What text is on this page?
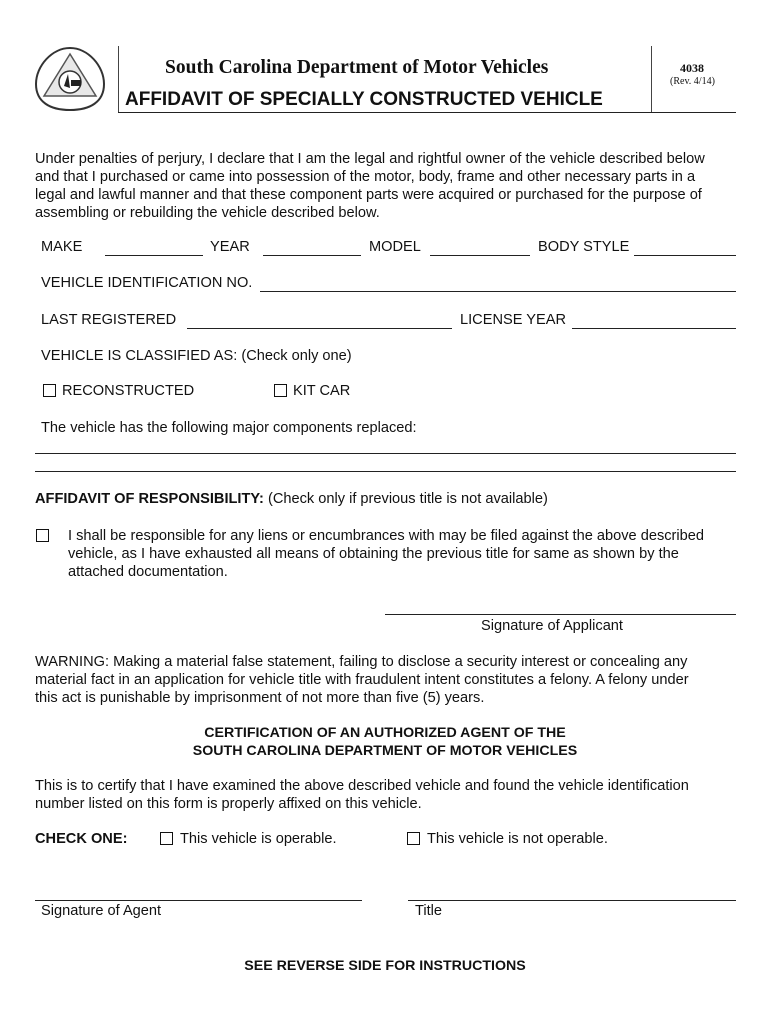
South Carolina Department of Motor Vehicles
AFFIDAVIT OF SPECIALLY CONSTRUCTED VEHICLE
4038
(Rev. 4/14)
Under penalties of perjury, I declare that I am the legal and rightful owner of the vehicle described below
and that I purchased or came into possession of the motor, body, frame and other necessary parts in a
legal and lawful manner and that these component parts were acquired or purchased for the purpose of
assembling or rebuilding the vehicle described below.
MAKE	YEAR	MODEL	BODY STYLE
VEHICLE IDENTIFICATION NO.
LAST REGISTERED	LICENSE YEAR
VEHICLE IS CLASSIFIED AS: (Check only one)
RECONSTRUCTED	KIT CAR
The vehicle has the following major components replaced:
AFFIDAVIT OF RESPONSIBILITY: (Check only if previous title is not available)
I shall be responsible for any liens or encumbrances with may be filed against the above described
vehicle, as I have exhausted all means of obtaining the previous title for same as shown by the
attached documentation.
Signature of Applicant
WARNING: Making a material false statement, failing to disclose a security interest or concealing any
material fact in an application for vehicle title with fraudulent intent constitutes a felony. A felony under
this act is punishable by imprisonment of not more than five (5) years.
CERTIFICATION OF AN AUTHORIZED AGENT OF THE
SOUTH CAROLINA DEPARTMENT OF MOTOR VEHICLES
This is to certify that I have examined the above described vehicle and found the vehicle identification
number listed on this form is properly affixed on this vehicle.
CHECK ONE:	This vehicle is operable.	This vehicle is not operable.
Signature of Agent	Title
SEE REVERSE SIDE FOR INSTRUCTIONS
